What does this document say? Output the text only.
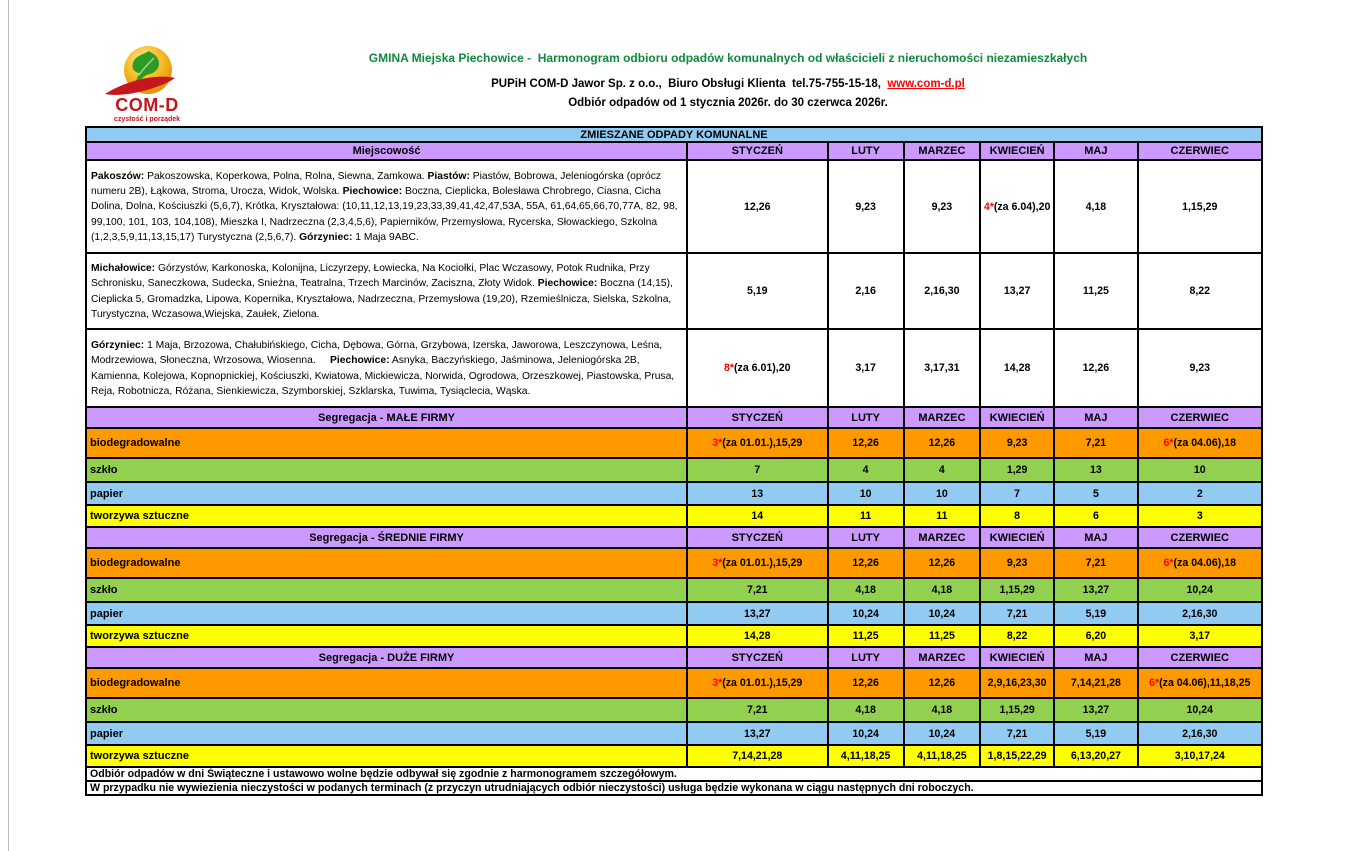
COM-D
czystość i porządek
GMINA Miejska Piechowice -  Harmonogram odbioru odpadów komunalnych od właścicieli z nieruchomości niezamieszkałych
PUPiH COM-D Jawor Sp. z o.o.,  Biuro Obsługi Klienta  tel.75-755-15-18,  www.com-d.pl
Odbiór odpadów od 1 stycznia 2026r. do 30 czerwca 2026r.
ZMIESZANE ODPADY KOMUNALNE						
Miejscowość	STYCZEŃ	LUTY	MARZEC	KWIECIEŃ	MAJ	CZERWIEC
Pakoszów: Pakoszowska, Koperkowa, Polna, Rolna, Siewna, Zamkowa. Piastów: Piastów, Bobrowa, Jeleniogórska (oprócz numeru 2B), Łąkowa, Stroma, Urocza, Widok, Wolska. Piechowice: Boczna, Cieplicka, Bolesława Chrobrego, Ciasna, Cicha Dolina, Dolna, Kościuszki (5,6,7), Krótka, Kryształowa: (10,11,12,13,19,23,33,39,41,42,47,53A, 55A, 61,64,65,66,70,77A, 82, 98, 99,100, 101, 103, 104,108), Mieszka I, Nadrzeczna (2,3,4,5,6), Papierników, Przemysłowa, Rycerska, Słowackiego, Szkolna (1,2,3,5,9,11,13,15,17) Turystyczna (2,5,6,7). Górzyniec: 1 Maja 9ABC.	12,26	9,23	9,23	4*(za 6.04),20	4,18	1,15,29
Michałowice: Górzystów, Karkonoska, Kolonijna, Liczyrzepy, Łowiecka, Na Kociołki, Plac Wczasowy, Potok Rudnika, Przy Schronisku, Saneczkowa, Sudecka, Snieżna, Teatralna, Trzech Marcinów, Zaciszna, Złoty Widok. Piechowice: Boczna (14,15), Cieplicka 5, Gromadzka, Lipowa, Kopernika, Kryształowa, Nadrzeczna, Przemysłowa (19,20), Rzemieślnicza, Sielska, Szkolna, Turystyczna, Wczasowa,Wiejska, Zaułek, Zielona.	5,19	2,16	2,16,30	13,27	11,25	8,22
Górzyniec: 1 Maja, Brzozowa, Chałubińskiego, Cicha, Dębowa, Górna, Grzybowa, Izerska, Jaworowa, Leszczynowa, Leśna, Modrzewiowa, Słoneczna, Wrzosowa, Wiosenna.     Piechowice: Asnyka, Baczyńskiego, Jaśminowa, Jeleniogórska 2B, Kamienna, Kolejowa, Kopnopnickiej, Kościuszki, Kwiatowa, Mickiewicza, Norwida, Ogrodowa, Orzeszkowej, Piastowska, Prusa, Reja, Robotnicza, Różana, Sienkiewicza, Szymborskiej, Szklarska, Tuwima, Tysiąclecia, Wąska.	8*(za 6.01),20	3,17	3,17,31	14,28	12,26	9,23
Segregacja - MAŁE FIRMY	STYCZEŃ	LUTY	MARZEC	KWIECIEŃ	MAJ	CZERWIEC
biodegradowalne	3*(za 01.01.),15,29	12,26	12,26	9,23	7,21	6*(za 04.06),18
szkło	7	4	4	1,29	13	10
papier	13	10	10	7	5	2
tworzywa sztuczne	14	11	11	8	6	3
Segregacja - ŚREDNIE FIRMY	STYCZEŃ	LUTY	MARZEC	KWIECIEŃ	MAJ	CZERWIEC
biodegradowalne	3*(za 01.01.),15,29	12,26	12,26	9,23	7,21	6*(za 04.06),18
szkło	7,21	4,18	4,18	1,15,29	13,27	10,24
papier	13,27	10,24	10,24	7,21	5,19	2,16,30
tworzywa sztuczne	14,28	11,25	11,25	8,22	6,20	3,17
Segregacja - DUŻE FIRMY	STYCZEŃ	LUTY	MARZEC	KWIECIEŃ	MAJ	CZERWIEC
biodegradowalne	3*(za 01.01.),15,29	12,26	12,26	2,9,16,23,30	7,14,21,28	6*(za 04.06),11,18,25
szkło	7,21	4,18	4,18	1,15,29	13,27	10,24
papier	13,27	10,24	10,24	7,21	5,19	2,16,30
tworzywa sztuczne	7,14,21,28	4,11,18,25	4,11,18,25	1,8,15,22,29	6,13,20,27	3,10,17,24
Odbiór odpadów w dni Świąteczne i ustawowo wolne będzie odbywał się zgodnie z harmonogramem szczegółowym.						
W przypadku nie wywiezienia nieczystości w podanych terminach (z przyczyn utrudniających odbiór nieczystości) usługa będzie wykonana w ciągu następnych dni roboczych.						
